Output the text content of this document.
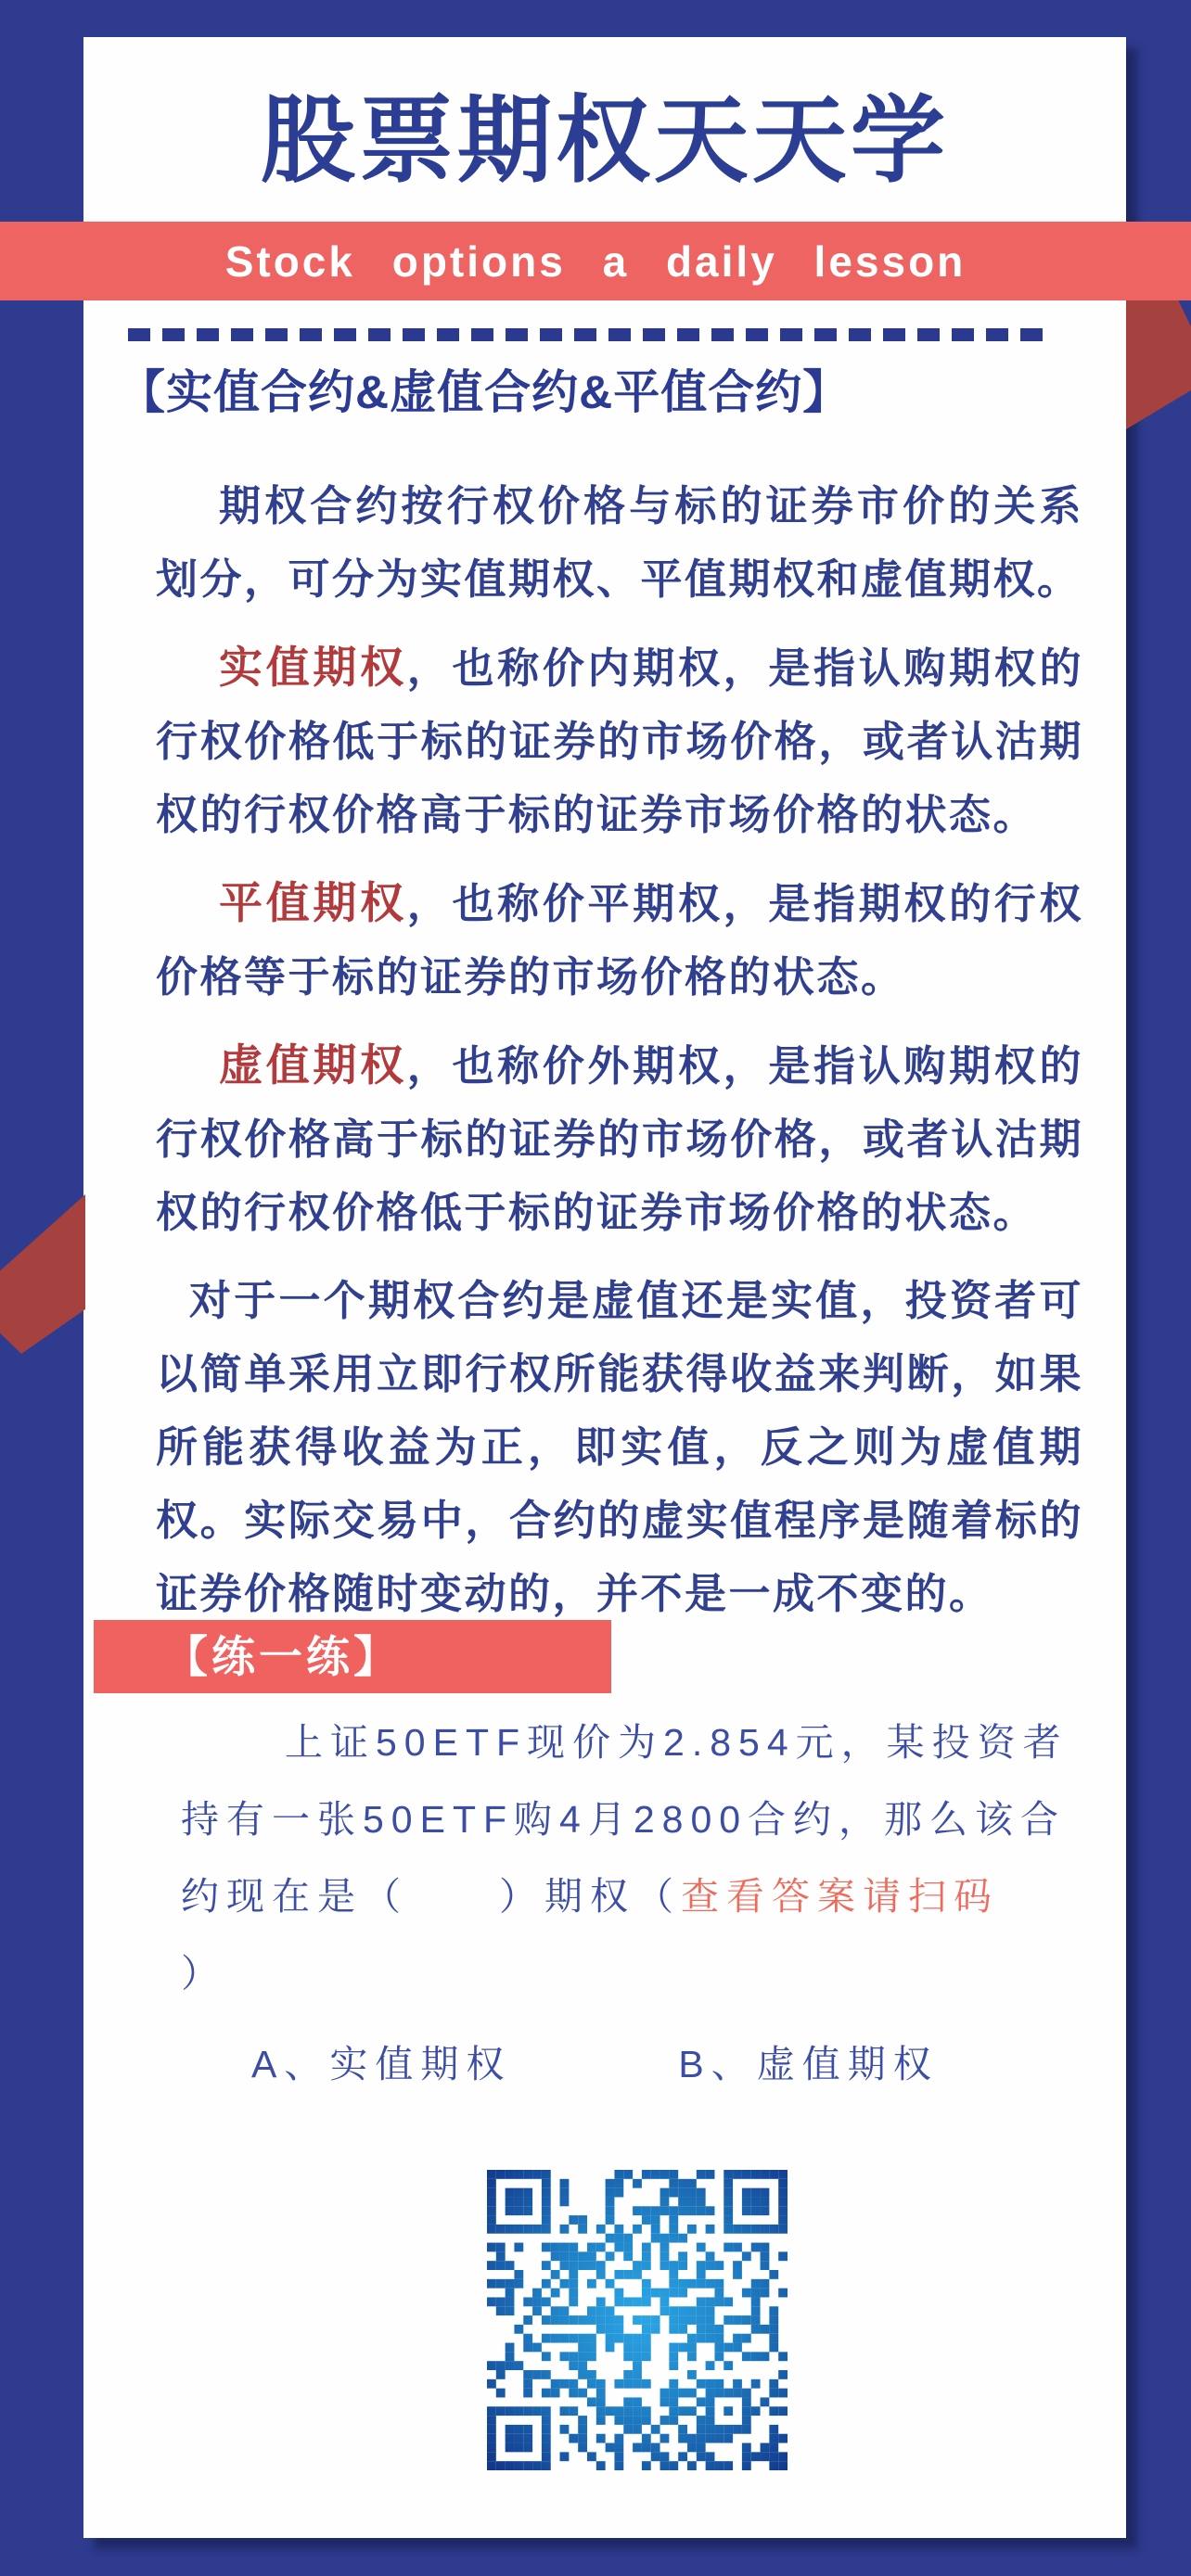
股票期权天天学
【实值合约&虚值合约&平值合约】

期权合约按行权价格与标的证券市价的关系划分，可分为实值期权、平值期权和虚值期权。

实值期权，也称价内期权，是指认购期权的行权价格低于标的证券的市场价格，或者认沽期权的行权价格高于标的证券市场价格的状态。

平值期权，也称价平期权，是指期权的行权价格等于标的证券的市场价格的状态。

虚值期权，也称价外期权，是指认购期权的行权价格高于标的证券的市场价格，或者认沽期权的行权价格低于标的证券市场价格的状态。

对于一个期权合约是虚值还是实值，投资者可以简单采用立即行权所能获得收益来判断，如果所能获得收益为正，即实值，反之则为虚值期权。实际交易中，合约的虚实值程序是随着标的证券价格随时变动的，并不是一成不变的。

【练一练】
上证50ETF现价为2.854元，某投资者
持有一张50ETF购4月2800合约，那么该合
约现在是（　　）期权（查看答案请扫码
）
A、实值期权	B、虚值期权
Stock options a daily lesson
